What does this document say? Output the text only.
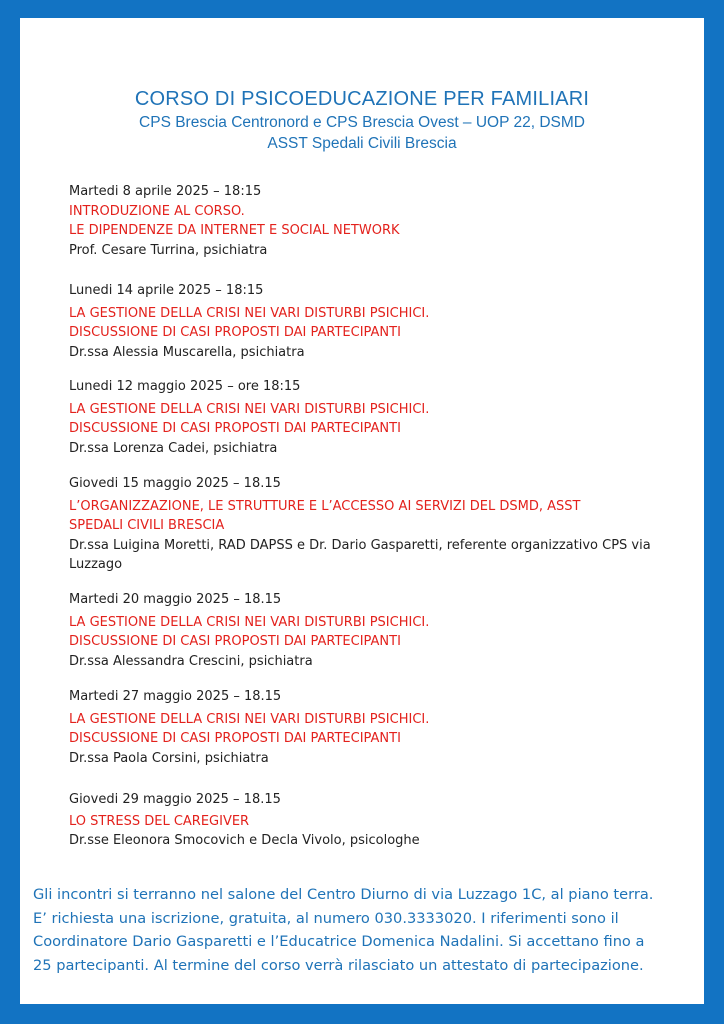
CORSO DI PSICOEDUCAZIONE PER FAMILIARI
CPS Brescia Centronord e CPS Brescia Ovest – UOP 22, DSMD
ASST Spedali Civili Brescia
Martedi 8 aprile 2025 – 18:15
INTRODUZIONE AL CORSO.
LE DIPENDENZE DA INTERNET E SOCIAL NETWORK
Prof. Cesare Turrina, psichiatra
Lunedi 14 aprile 2025 – 18:15
LA GESTIONE DELLA CRISI NEI VARI DISTURBI PSICHICI.
DISCUSSIONE DI CASI PROPOSTI DAI PARTECIPANTI
Dr.ssa Alessia Muscarella, psichiatra
Lunedi 12 maggio 2025 – ore 18:15
LA GESTIONE DELLA CRISI NEI VARI DISTURBI PSICHICI.
DISCUSSIONE DI CASI PROPOSTI DAI PARTECIPANTI
Dr.ssa Lorenza Cadei, psichiatra
Giovedi 15 maggio 2025 – 18.15
L’ORGANIZZAZIONE, LE STRUTTURE E L’ACCESSO AI SERVIZI DEL DSMD, ASST
SPEDALI CIVILI BRESCIA
Dr.ssa Luigina Moretti, RAD DAPSS e Dr. Dario Gasparetti, referente organizzativo CPS via
Luzzago
Martedi 20 maggio 2025 – 18.15
LA GESTIONE DELLA CRISI NEI VARI DISTURBI PSICHICI.
DISCUSSIONE DI CASI PROPOSTI DAI PARTECIPANTI
Dr.ssa Alessandra Crescini, psichiatra
Martedi 27 maggio 2025 – 18.15
LA GESTIONE DELLA CRISI NEI VARI DISTURBI PSICHICI.
DISCUSSIONE DI CASI PROPOSTI DAI PARTECIPANTI
Dr.ssa Paola Corsini, psichiatra
Giovedi 29 maggio 2025 – 18.15
LO STRESS DEL CAREGIVER
Dr.sse Eleonora Smocovich e Decla Vivolo, psicologhe
Gli incontri si terranno nel salone del Centro Diurno di via Luzzago 1C, al piano terra.
E’ richiesta una iscrizione, gratuita, al numero 030.3333020. I riferimenti sono il
Coordinatore Dario Gasparetti e l’Educatrice Domenica Nadalini. Si accettano fino a
25 partecipanti. Al termine del corso verrà rilasciato un attestato di partecipazione.
